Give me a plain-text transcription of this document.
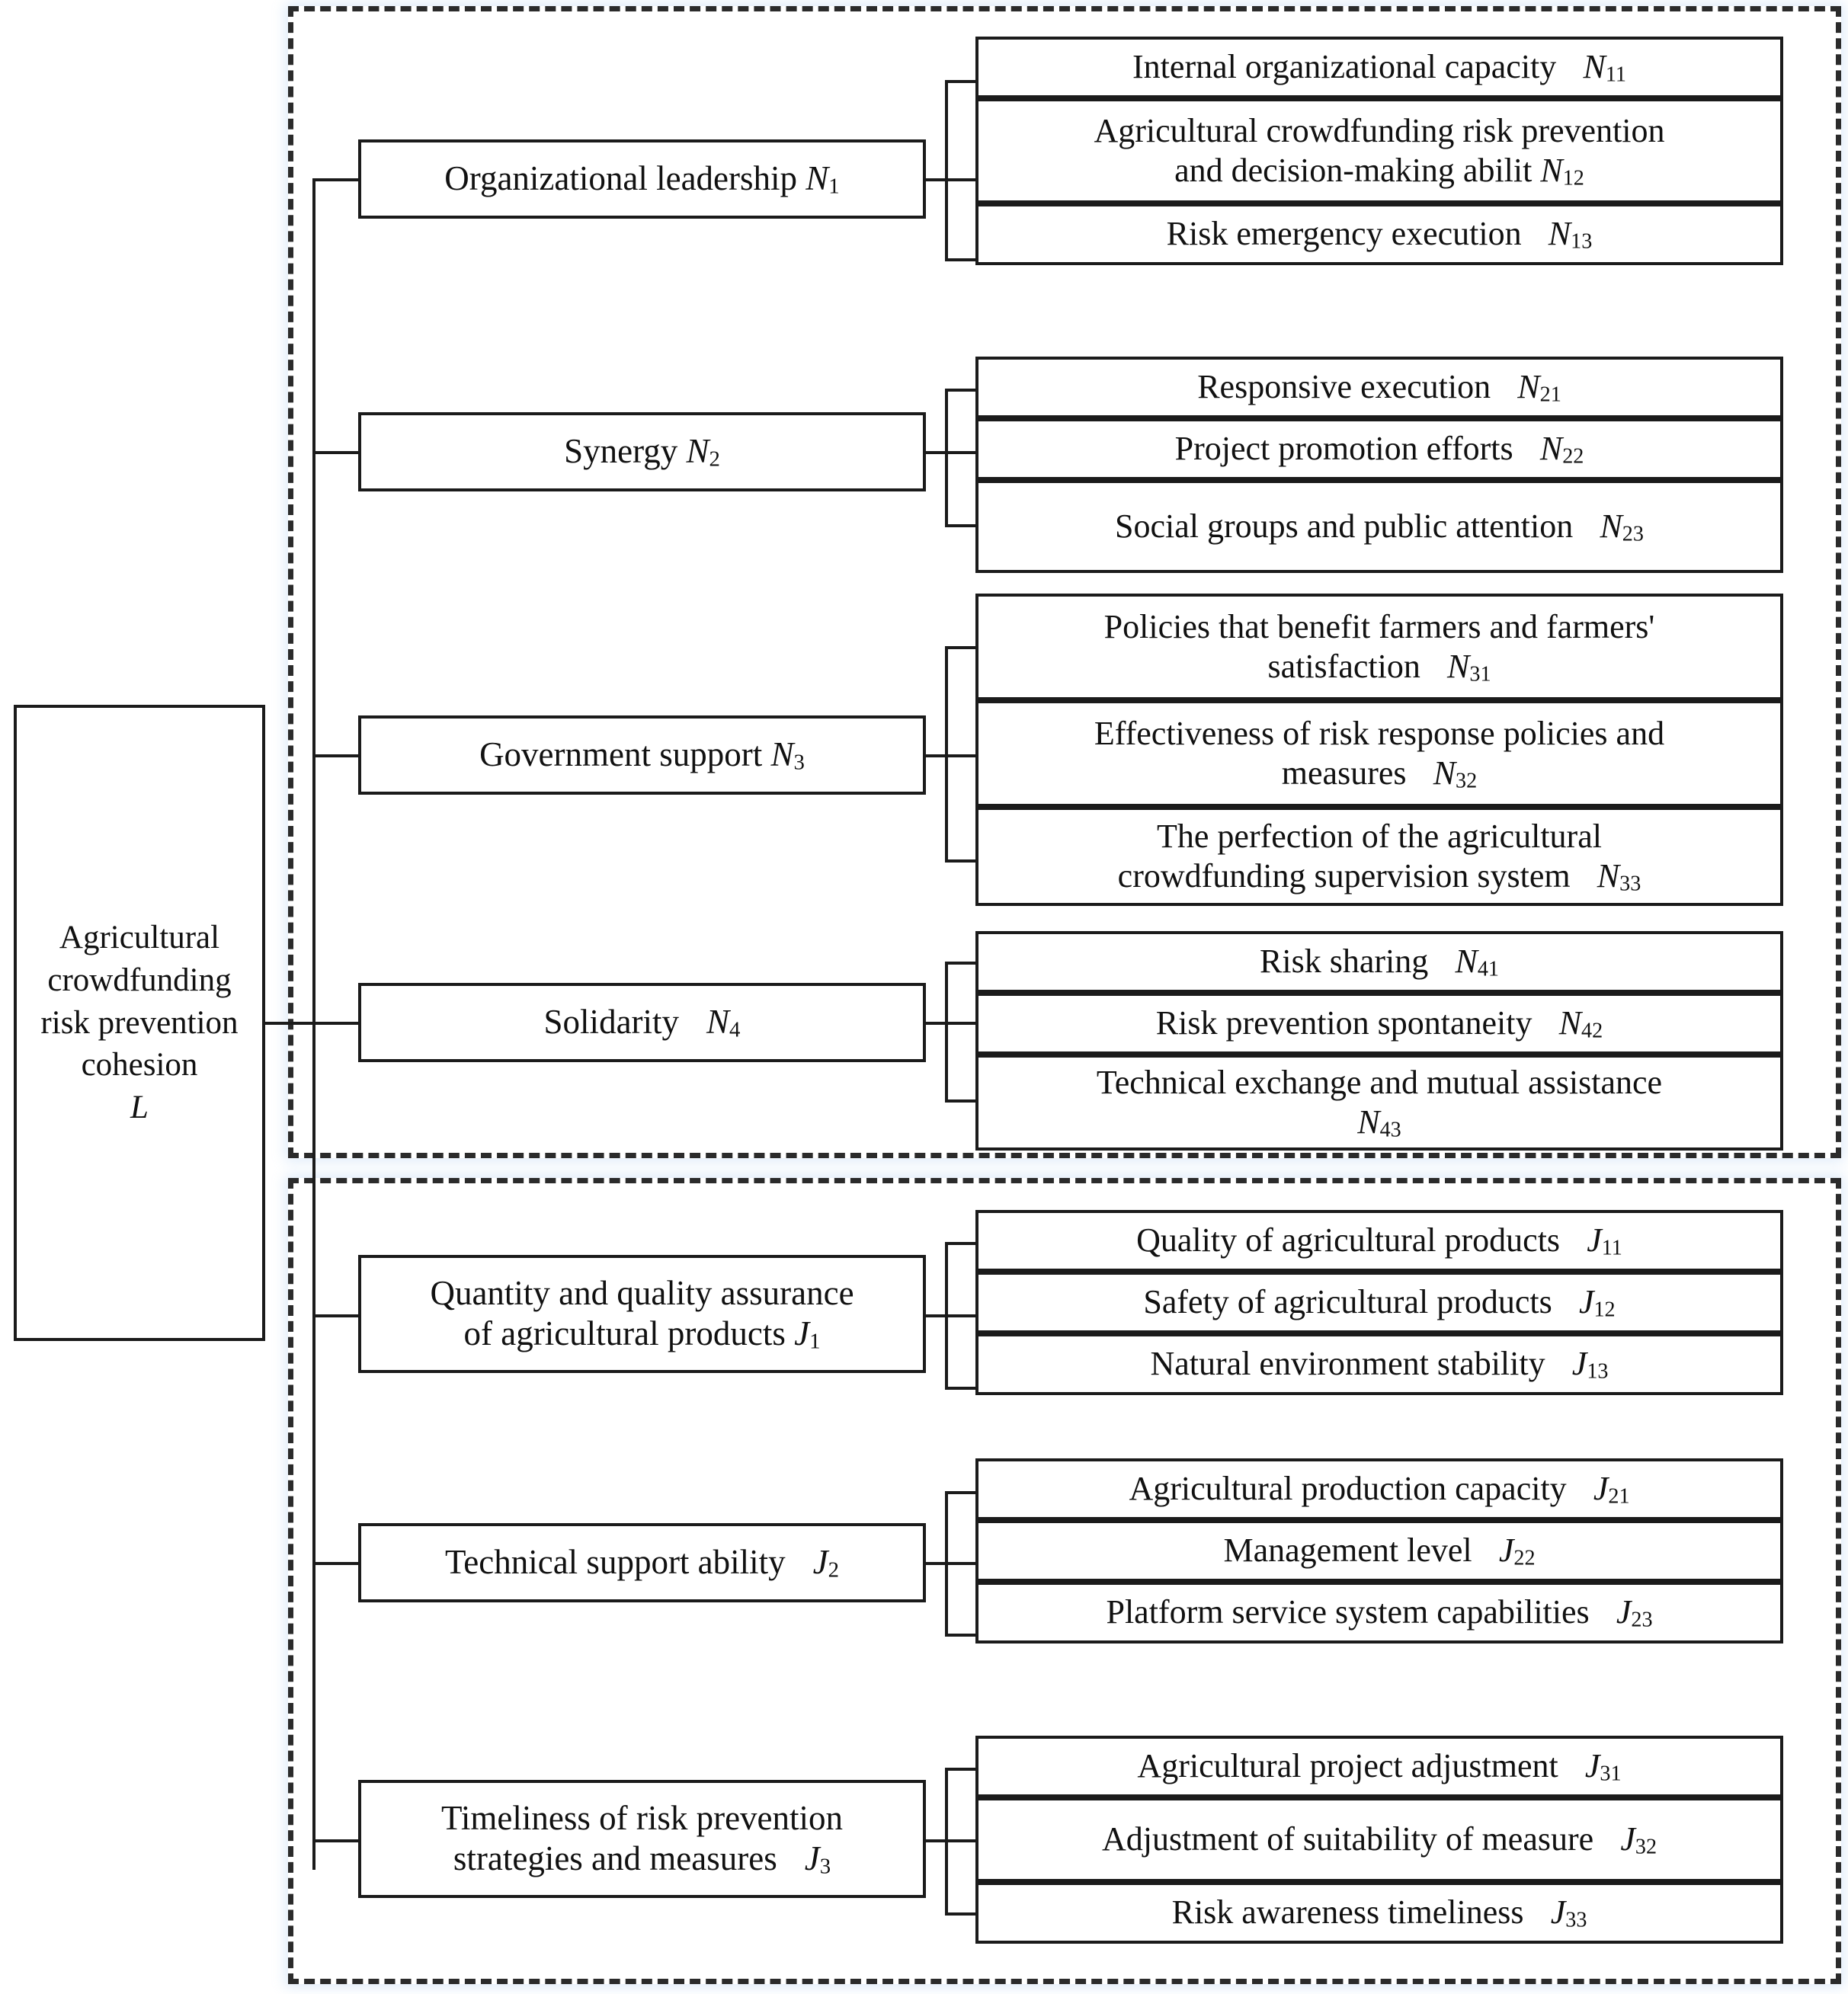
Agricultural
crowdfunding
risk prevention
cohesion
L
Organizational leadership $N_1$
Synergy $N_2$
Government support $N_3$
Solidarity $N_4$
Quantity and quality assurance
of agricultural products $J_1$
Technical support ability $J_2$
Timeliness of risk prevention
strategies and measures $J_3$
Internal organizational capacity $N_{11}$
Agricultural crowdfunding risk prevention
and decision-making abilit $N_{12}$
Risk emergency execution $N_{13}$
Responsive execution $N_{21}$
Project promotion efforts $N_{22}$
Social groups and public attention $N_{23}$
Policies that benefit farmers and farmers'
satisfaction $N_{31}$
Effectiveness of risk response policies and
measures $N_{32}$
The perfection of the agricultural
crowdfunding supervision system $N_{33}$
Risk sharing $N_{41}$
Risk prevention spontaneity $N_{42}$
Technical exchange and mutual assistance
$N_{43}$
Quality of agricultural products $J_{11}$
Safety of agricultural products $J_{12}$
Natural environment stability $J_{13}$
Agricultural production capacity $J_{21}$
Management level $J_{22}$
Platform service system capabilities $J_{23}$
Agricultural project adjustment $J_{31}$
Adjustment of suitability of measure $J_{32}$
Risk awareness timeliness $J_{33}$
